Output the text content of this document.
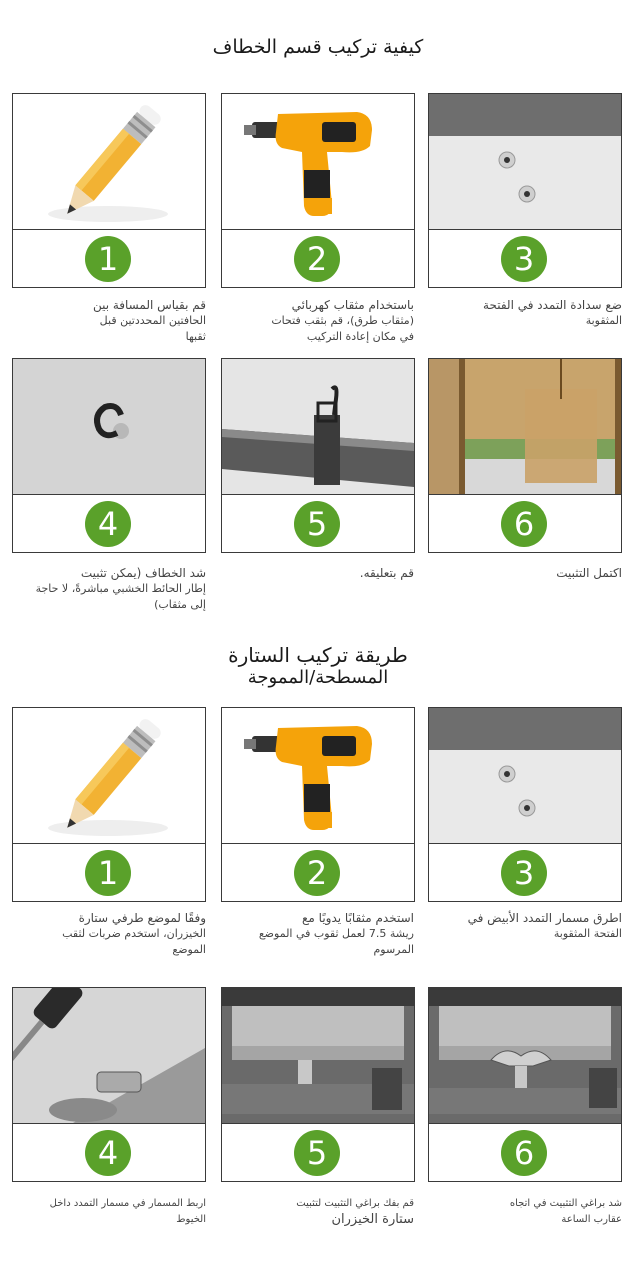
كيفية تركيب قسم الخطاف
1	2	3
قم بقياس المسافة بين
الحافتين المحددتين قبل
ثقبها
باستخدام مثقاب كهربائي
(مثقاب طرق)، قم بثقب فتحات
في مكان إعادة التركيب
ضع سدادة التمدد في الفتحة
المثقوبة
4	5	6
شد الخطاف (يمكن تثبيت
إطار الحائط الخشبي مباشرةً، لا حاجة
إلى مثقاب)
قم بتعليقه.	اكتمل التثبيت
طريقة تركيب الستارة
المسطحة/المموجة
1	2	3
وفقًا لموضع طرفي ستارة
الخيزران، استخدم ضربات لثقب
الموضع
استخدم مثقابًا يدويًا مع
ريشة 7.5 لعمل ثقوب في الموضع
المرسوم
اطرق مسمار التمدد الأبيض في
الفتحة المثقوبة
4	5	6
اربط المسمار في مسمار التمدد داخل
الخيوط
قم بفك براغي التثبيت لتثبيت
ستارة الخيزران
شد براغي التثبيت في اتجاه
عقارب الساعة
